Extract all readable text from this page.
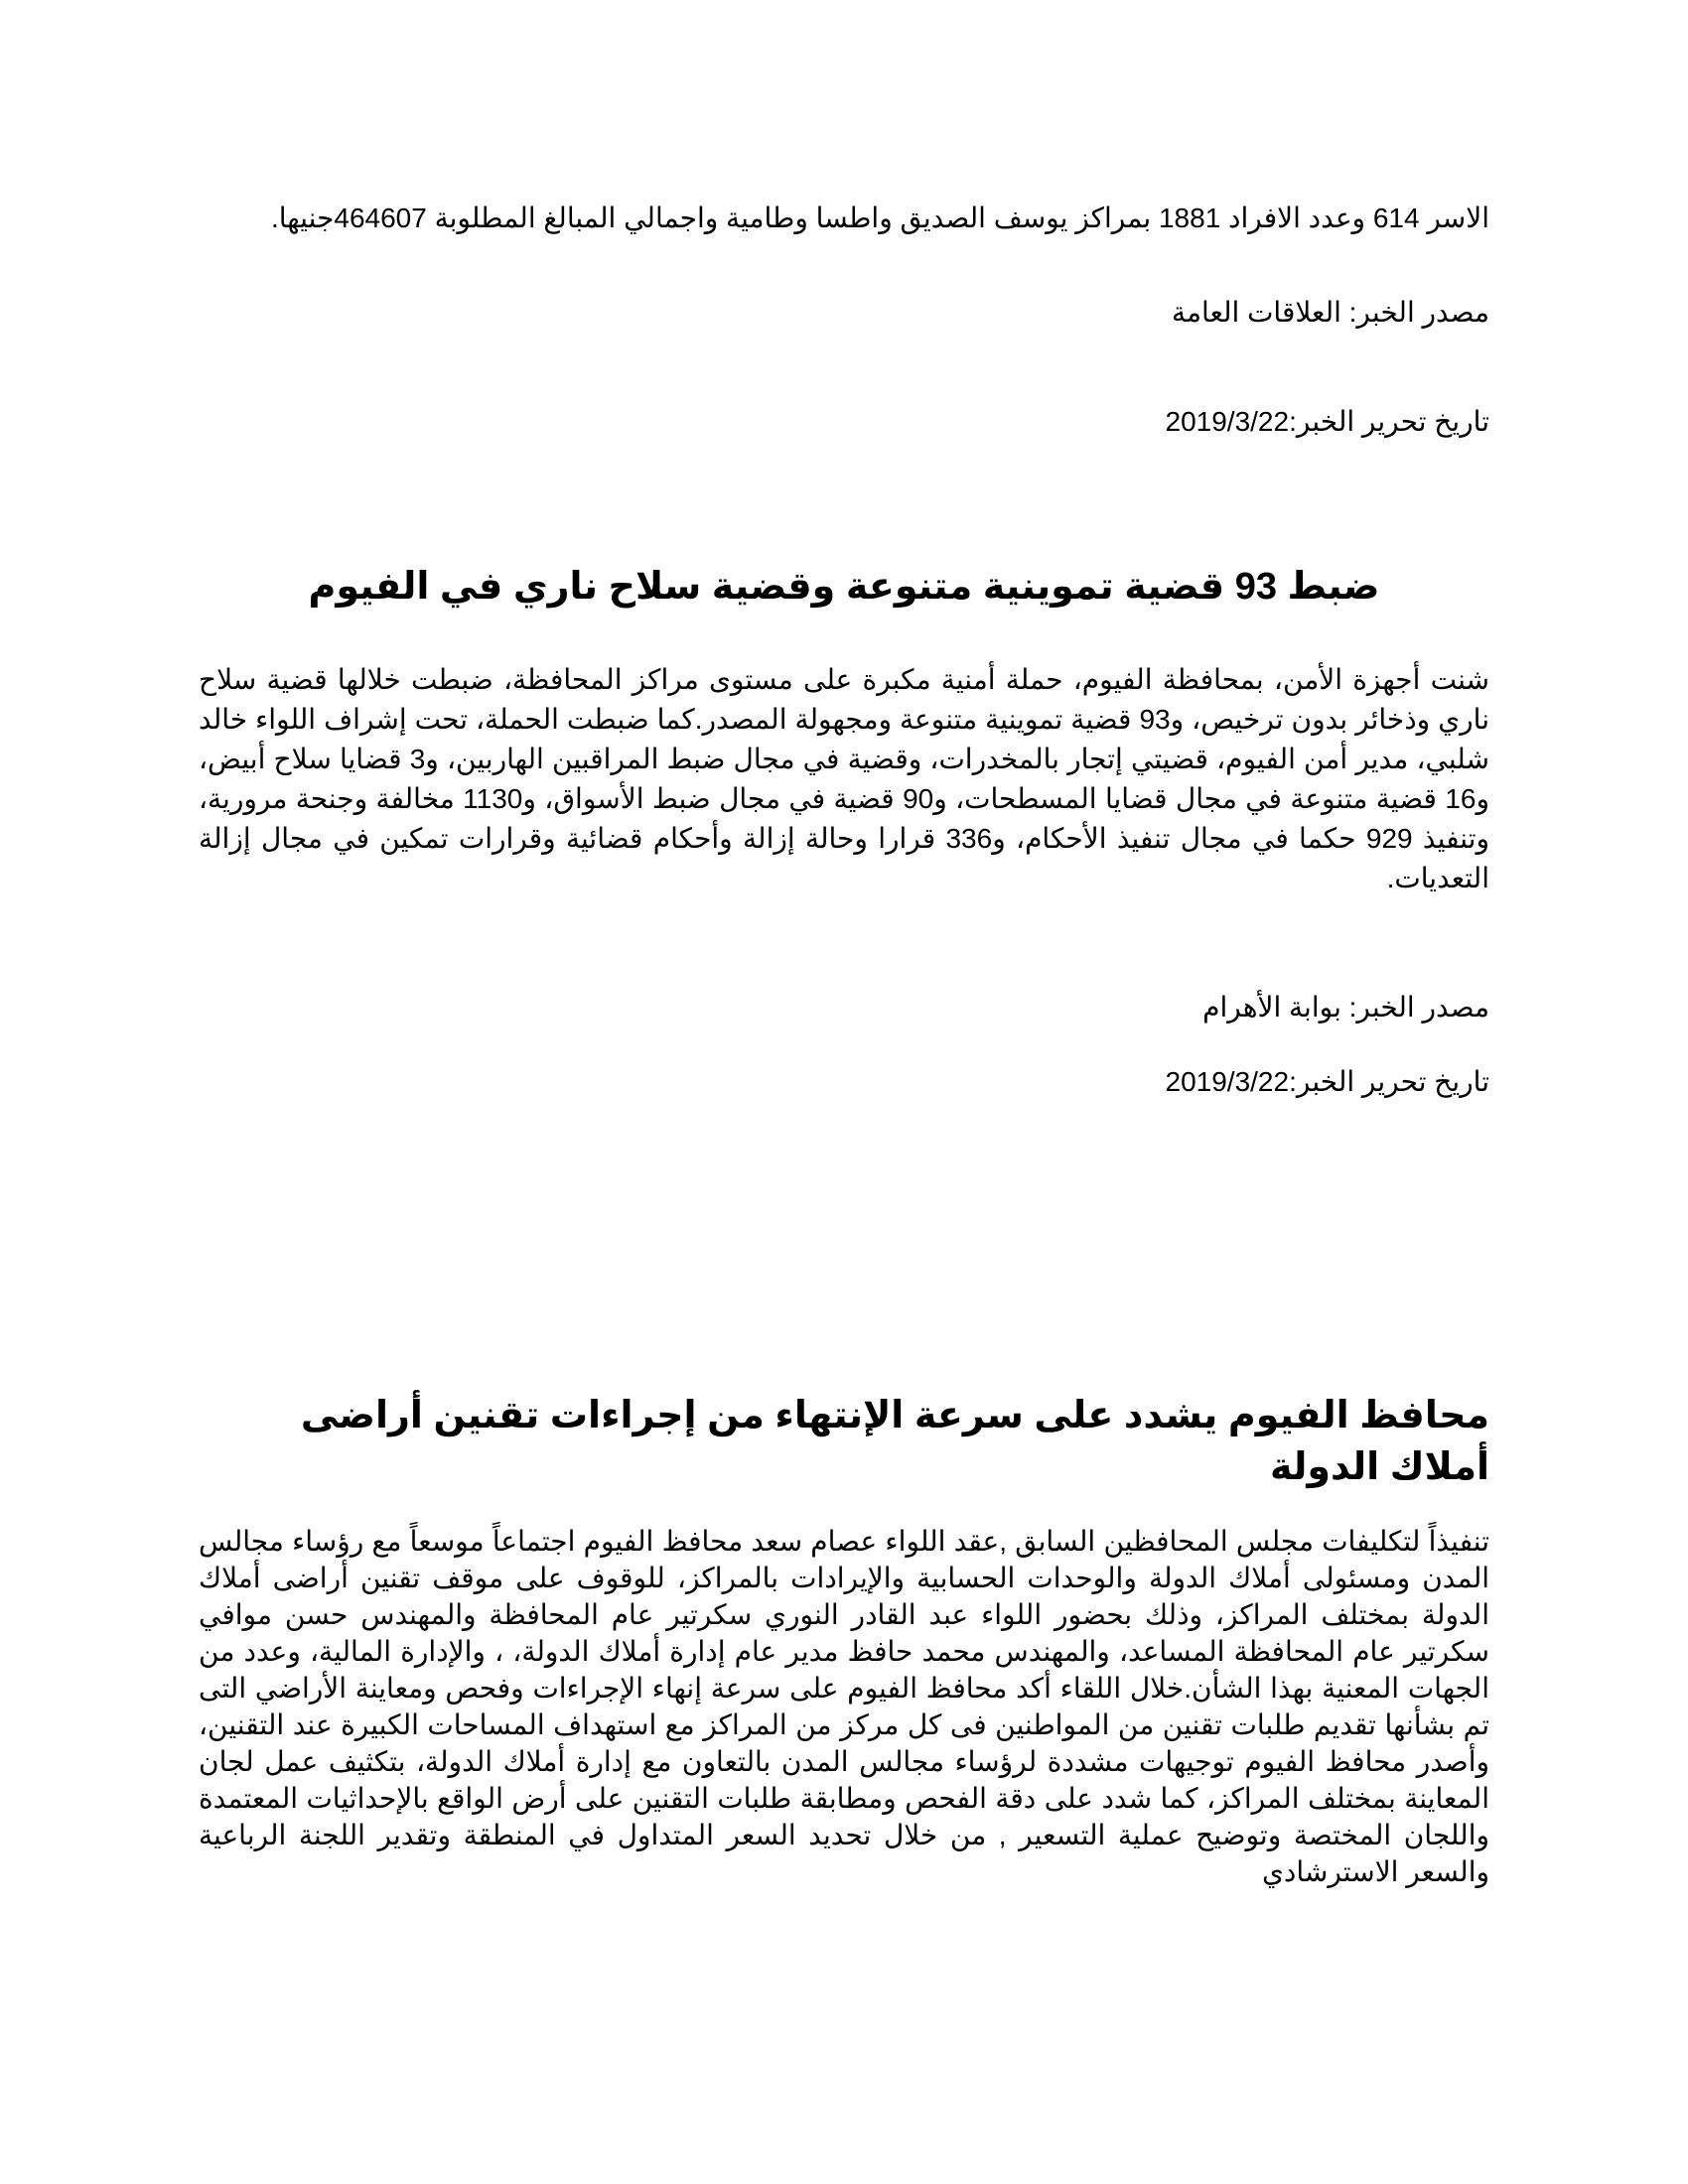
الاسر 614 وعدد الافراد 1881 بمراكز يوسف الصديق واطسا وطامية واجمالي المبالغ المطلوبة 464607جنيها.

مصدر الخبر: العلاقات العامة

تاريخ تحرير الخبر:2019/3/22

ضبط 93 قضية تموينية متنوعة وقضية سلاح ناري في الفيوم

شنت أجهزة الأمن، بمحافظة الفيوم، حملة أمنية مكبرة على مستوى مراكز المحافظة، ضبطت خلالها قضية سلاح ناري وذخائر بدون ترخيص، و93 قضية تموينية متنوعة ومجهولة المصدر.كما ضبطت الحملة، تحت إشراف اللواء خالد شلبي، مدير أمن الفيوم، قضيتي إتجار بالمخدرات، وقضية في مجال ضبط المراقبين الهاربين، و3 قضايا سلاح أبيض، و16 قضية متنوعة في مجال قضايا المسطحات، و90 قضية في مجال ضبط الأسواق، و1130 مخالفة وجنحة مرورية، وتنفيذ 929 حكما في مجال تنفيذ الأحكام، و336 قرارا وحالة إزالة وأحكام قضائية وقرارات تمكين في مجال إزالة التعديات.

مصدر الخبر: بوابة الأهرام

تاريخ تحرير الخبر:2019/3/22

محافظ الفيوم يشدد على سرعة الإنتهاء من إجراءات تقنين أراضى أملاك الدولة

تنفيذاً لتكليفات مجلس المحافظين السابق ,عقد اللواء عصام سعد محافظ الفيوم اجتماعاً موسعاً مع رؤساء مجالس المدن ومسئولى أملاك الدولة والوحدات الحسابية والإيرادات بالمراكز، للوقوف على موقف تقنين أراضى أملاك الدولة بمختلف المراكز، وذلك بحضور اللواء عبد القادر النوري سكرتير عام المحافظة والمهندس حسن موافي سكرتير عام المحافظة المساعد، والمهندس محمد حافظ مدير عام إدارة أملاك الدولة، ، والإدارة المالية، وعدد من الجهات المعنية بهذا الشأن.خلال اللقاء أكد محافظ الفيوم على سرعة إنهاء الإجراءات وفحص ومعاينة الأراضي التى تم بشأنها تقديم طلبات تقنين من المواطنين فى كل مركز من المراكز مع استهداف المساحات الكبيرة عند التقنين، وأصدر محافظ الفيوم توجيهات مشددة لرؤساء مجالس المدن بالتعاون مع إدارة أملاك الدولة، بتكثيف عمل لجان المعاينة بمختلف المراكز، كما شدد على دقة الفحص ومطابقة طلبات التقنين على أرض الواقع بالإحداثيات المعتمدة واللجان المختصة وتوضيح عملية التسعير , من خلال تحديد السعر المتداول في المنطقة وتقدير اللجنة الرباعية والسعر الاسترشادي
